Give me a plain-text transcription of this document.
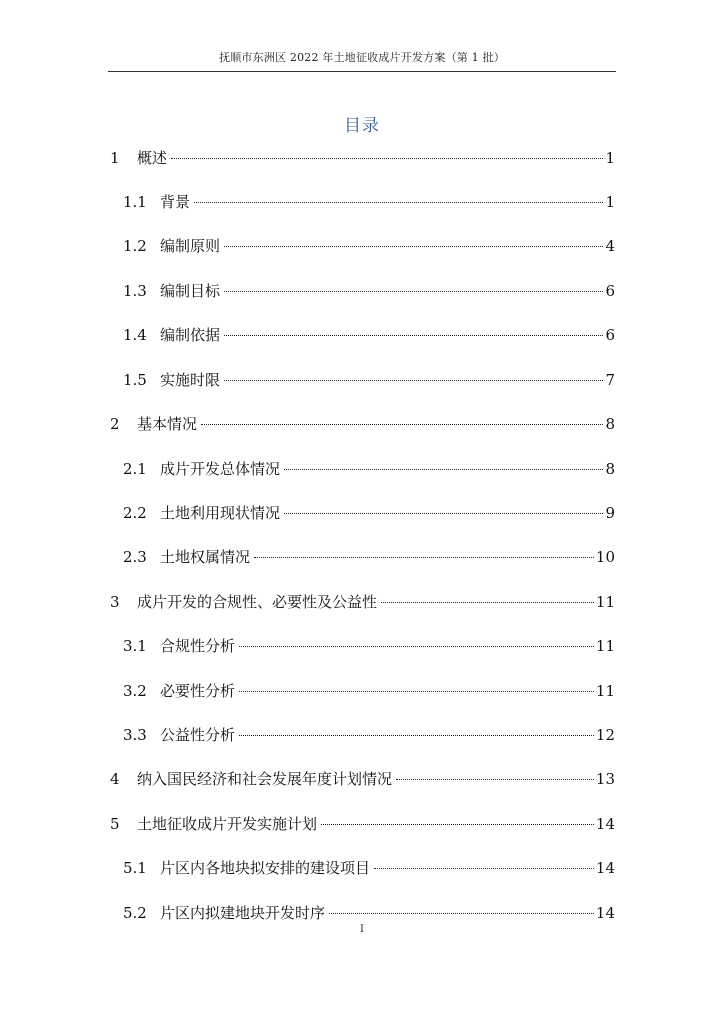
抚顺市东洲区 2022 年土地征收成片开发方案（第 1 批）
目录
1	概述	1
1.1 背景	1
1.2 编制原则	4
1.3 编制目标	6
1.4 编制依据	6
1.5 实施时限	7
2	基本情况	8
2.1 成片开发总体情况	8
2.2 土地利用现状情况	9
2.3 土地权属情况	10
3	成片开发的合规性、必要性及公益性	11
3.1 合规性分析	11
3.2 必要性分析	11
3.3 公益性分析	12
4	纳入国民经济和社会发展年度计划情况	13
5	土地征收成片开发实施计划	14
5.1 片区内各地块拟安排的建设项目	14
5.2 片区内拟建地块开发时序	14
I
